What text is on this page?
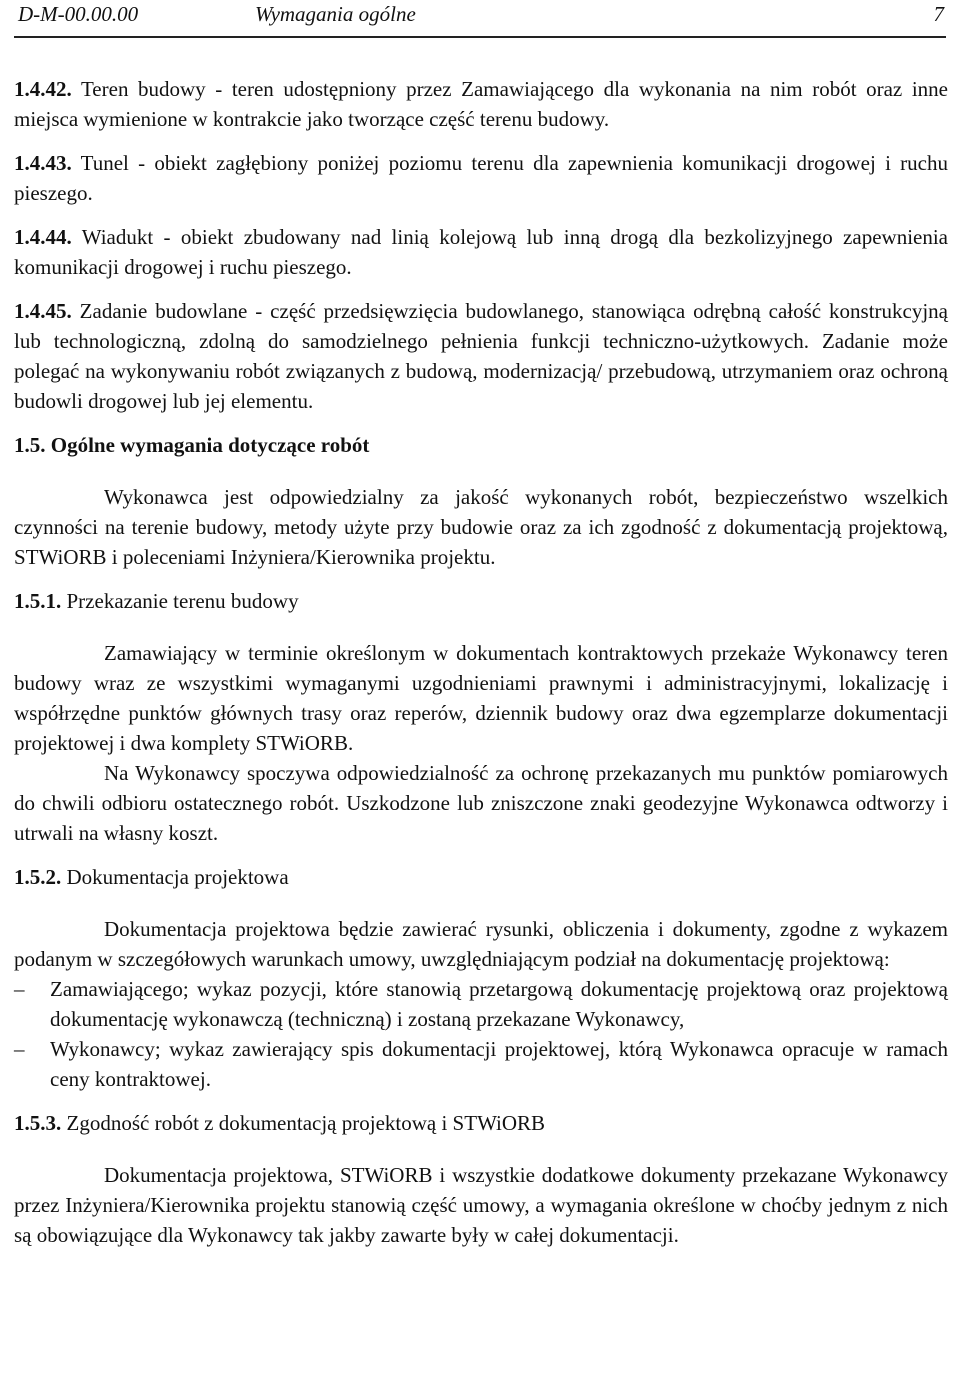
D-M-00.00.00	Wymagania ogólne	7

1.4.42. Teren budowy - teren udostępniony przez Zamawiającego dla wykonania na nim robót oraz inne miejsca wymienione w kontrakcie jako tworzące część terenu budowy.

1.4.43. Tunel - obiekt zagłębiony poniżej poziomu terenu dla zapewnienia komunikacji drogowej i ruchu pieszego.

1.4.44. Wiadukt - obiekt zbudowany nad linią kolejową lub inną drogą dla bezkolizyjnego zapewnienia komunikacji drogowej i ruchu pieszego.

1.4.45. Zadanie budowlane - część przedsięwzięcia budowlanego, stanowiąca odrębną całość konstrukcyjną lub technologiczną, zdolną do samodzielnego pełnienia funkcji techniczno-użytkowych. Zadanie może polegać na wykonywaniu robót związanych z budową, modernizacją/ przebudową, utrzymaniem oraz ochroną budowli drogowej lub jej elementu.

1.5. Ogólne wymagania dotyczące robót

Wykonawca jest odpowiedzialny za jakość wykonanych robót, bezpieczeństwo wszelkich czynności na terenie budowy, metody użyte przy budowie oraz za ich zgodność z dokumentacją projektową, STWiORB i poleceniami Inżyniera/Kierownika projektu.

1.5.1. Przekazanie terenu budowy

Zamawiający w terminie określonym w dokumentach kontraktowych przekaże Wykonawcy teren budowy wraz ze wszystkimi wymaganymi uzgodnieniami prawnymi i administracyjnymi, lokalizację i współrzędne punktów głównych trasy oraz reperów, dziennik budowy oraz dwa egzemplarze dokumentacji projektowej i dwa komplety STWiORB.

Na Wykonawcy spoczywa odpowiedzialność za ochronę przekazanych mu punktów pomiarowych do chwili odbioru ostatecznego robót. Uszkodzone lub zniszczone znaki geodezyjne Wykonawca odtworzy i utrwali na własny koszt.

1.5.2. Dokumentacja projektowa

Dokumentacja projektowa będzie zawierać rysunki, obliczenia i dokumenty, zgodne z wykazem podanym w szczegółowych warunkach umowy, uwzględniającym podział na dokumentację projektową:

– Zamawiającego; wykaz pozycji, które stanowią przetargową dokumentację projektową oraz projektową dokumentację wykonawczą (techniczną) i zostaną przekazane Wykonawcy,
– Wykonawcy; wykaz zawierający spis dokumentacji projektowej, którą Wykonawca opracuje w ramach ceny kontraktowej.
1.5.3. Zgodność robót z dokumentacją projektową i STWiORB

Dokumentacja projektowa, STWiORB i wszystkie dodatkowe dokumenty przekazane Wykonawcy przez Inżyniera/Kierownika projektu stanowią część umowy, a wymagania określone w choćby jednym z nich są obowiązujące dla Wykonawcy tak jakby zawarte były w całej dokumentacji.
